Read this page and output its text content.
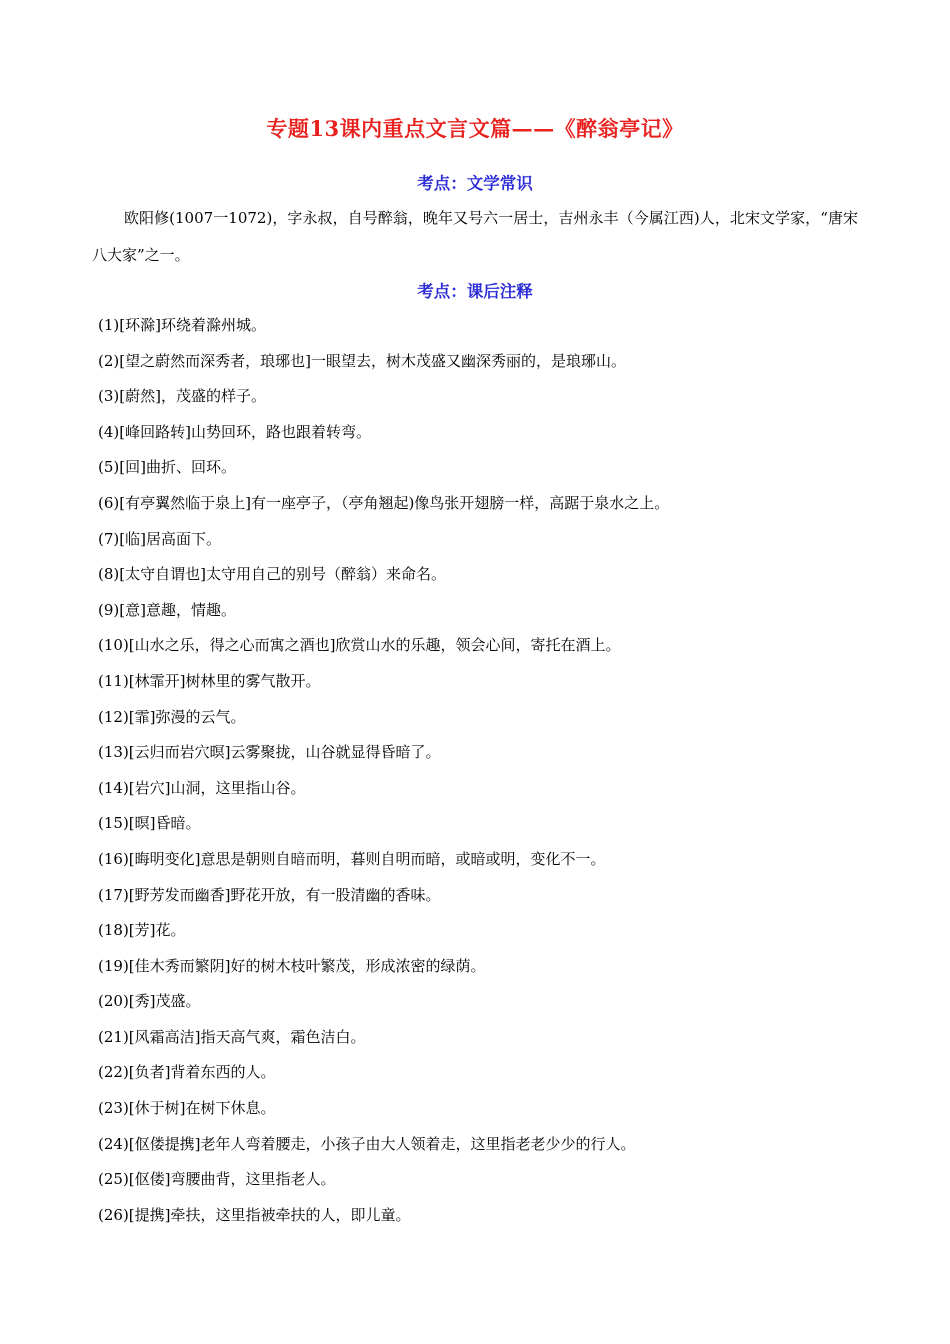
专题13课内重点文言文篇——《醉翁亭记》
考点：文学常识

欧阳修(1007一1072)，字永叔，自号醉翁，晚年又号六一居士，吉州永丰（今属江西)人，北宋文学家，“唐宋八大家”之一。

考点：课后注释
(1)[环滁]环绕着滁州城。
(2)[望之蔚然而深秀者，琅琊也]一眼望去，树木茂盛又幽深秀丽的，是琅琊山。
(3)[蔚然]，茂盛的样子。
(4)[峰回路转]山势回环，路也跟着转弯。
(5)[回]曲折、回环。
(6)[有亭翼然临于泉上]有一座亭子，（亭角翘起)像鸟张开翅膀一样，高踞于泉水之上。
(7)[临]居高面下。
(8)[太守自谓也]太守用自己的别号（醉翁）来命名。
(9)[意]意趣，情趣。
(10)[山水之乐，得之心而寓之酒也]欣赏山水的乐趣，领会心间，寄托在酒上。
(11)[林霏开]树林里的雾气散开。
(12)[霏]弥漫的云气。
(13)[云归而岩穴暝]云雾聚拢，山谷就显得昏暗了。
(14)[岩穴]山洞，这里指山谷。
(15)[暝]昏暗。
(16)[晦明变化]意思是朝则自暗而明，暮则自明而暗，或暗或明，变化不一。
(17)[野芳发而幽香]野花开放，有一股清幽的香味。
(18)[芳]花。
(19)[佳木秀而繁阴]好的树木枝叶繁茂，形成浓密的绿荫。
(20)[秀]茂盛。
(21)[风霜高洁]指天高气爽，霜色洁白。
(22)[负者]背着东西的人。
(23)[休于树]在树下休息。
(24)[伛偻提携]老年人弯着腰走，小孩子由大人领着走，这里指老老少少的行人。
(25)[伛偻]弯腰曲背，这里指老人。
(26)[提携]牵扶，这里指被牵扶的人，即儿童。
